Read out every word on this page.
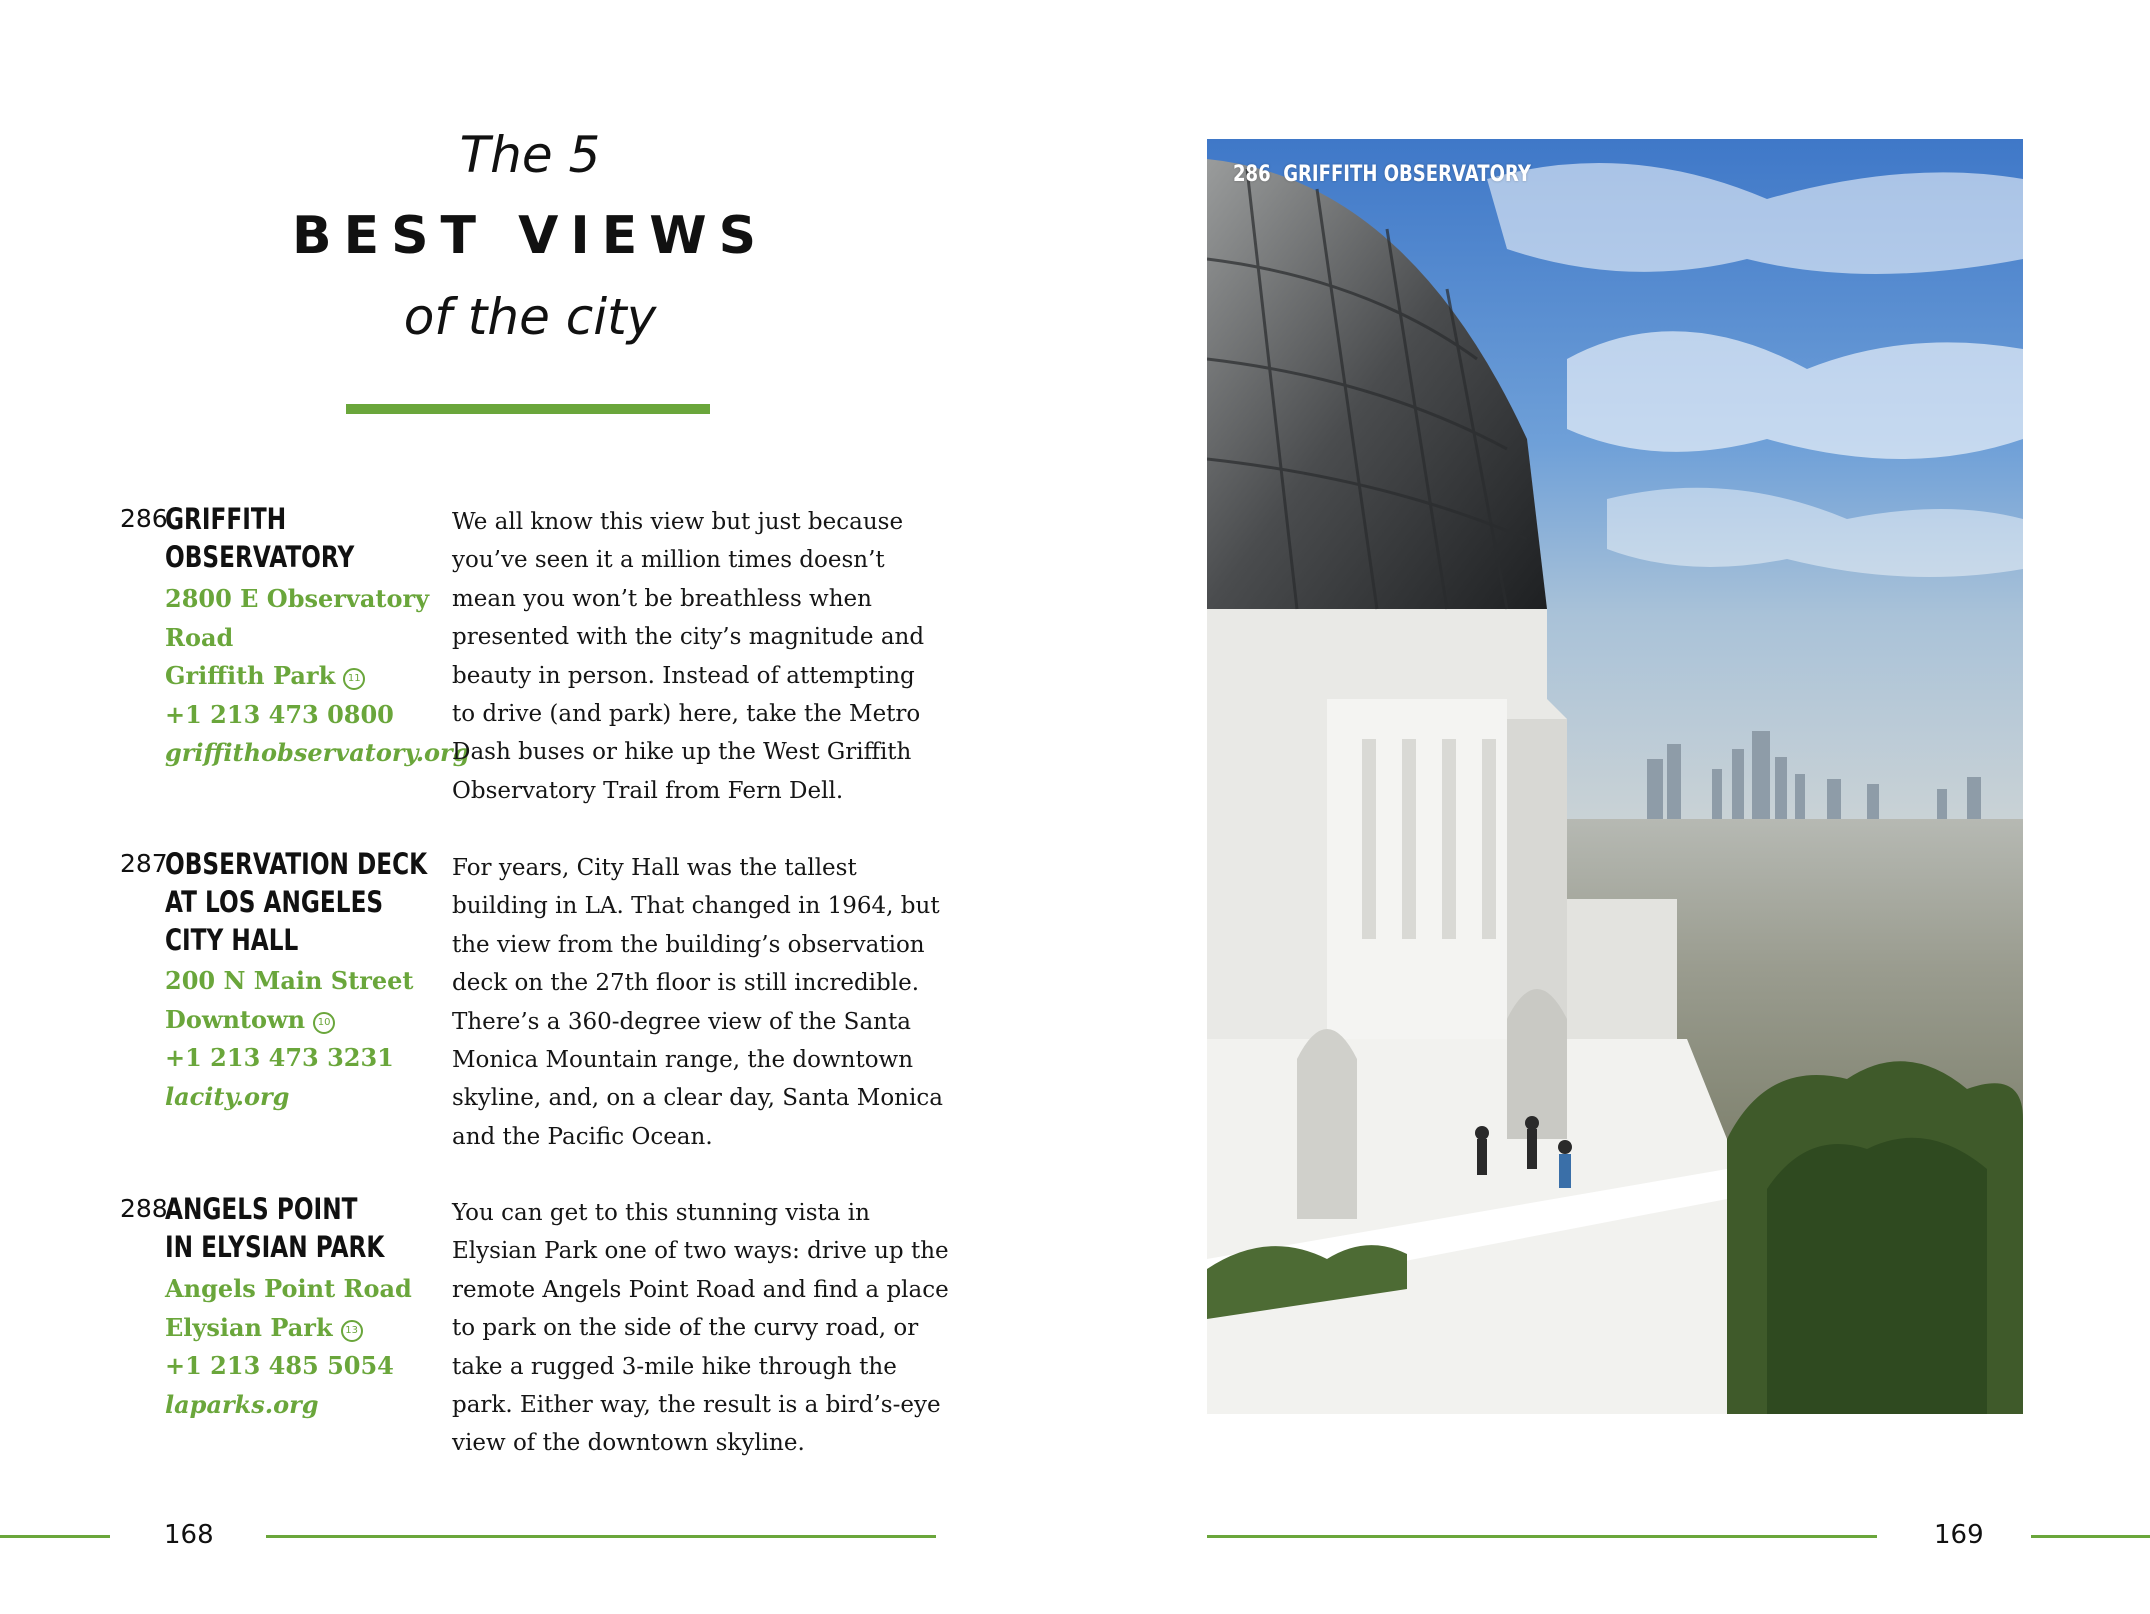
The 5
BEST VIEWS
of the city
286
GRIFFITH
OBSERVATORY
2800 E Observatory
Road
Griffith Park 11
+1 213 473 0800
griffithobservatory.org
We all know this view but just because
you’ve seen it a million times doesn’t
mean you won’t be breathless when
presented with the city’s magnitude and
beauty in person. Instead of attempting
to drive (and park) here, take the Metro
Dash buses or hike up the West Griffith
Observatory Trail from Fern Dell.
287
OBSERVATION DECK
AT LOS ANGELES
CITY HALL
200 N Main Street
Downtown 10
+1 213 473 3231
lacity.org
For years, City Hall was the tallest
building in LA. That changed in 1964, but
the view from the building’s observation
deck on the 27th floor is still incredible.
There’s a 360-degree view of the Santa
Monica Mountain range, the downtown
skyline, and, on a clear day, Santa Monica
and the Pacific Ocean.
288
ANGELS POINT
IN ELYSIAN PARK
Angels Point Road
Elysian Park 13
+1 213 485 5054
laparks.org
You can get to this stunning vista in
Elysian Park one of two ways: drive up the
remote Angels Point Road and find a place
to park on the side of the curvy road, or
take a rugged 3-mile hike through the
park. Either way, the result is a bird’s-eye
view of the downtown skyline.
286 GRIFFITH OBSERVATORY
168	169
